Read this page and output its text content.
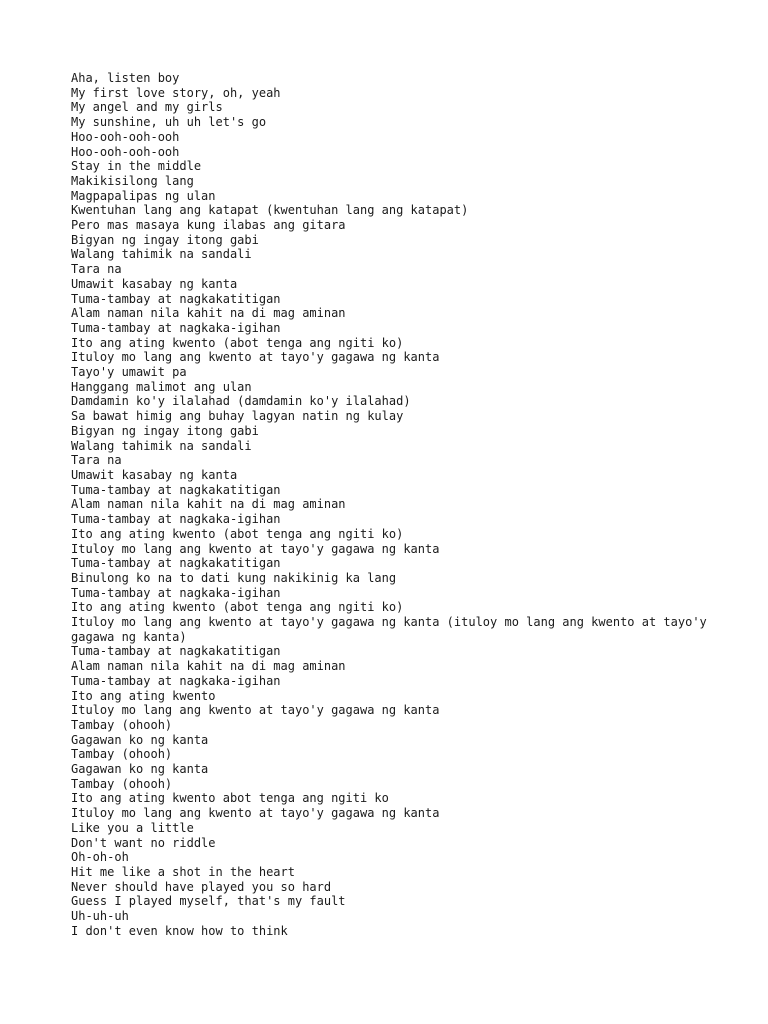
Aha, listen boy
My first love story, oh, yeah
My angel and my girls
My sunshine, uh uh let's go
Hoo-ooh-ooh-ooh
Hoo-ooh-ooh-ooh
Stay in the middle
Makikisilong lang
Magpapalipas ng ulan
Kwentuhan lang ang katapat (kwentuhan lang ang katapat)
Pero mas masaya kung ilabas ang gitara
Bigyan ng ingay itong gabi
Walang tahimik na sandali
Tara na
Umawit kasabay ng kanta
Tuma-tambay at nagkakatitigan
Alam naman nila kahit na di mag aminan
Tuma-tambay at nagkaka-igihan
Ito ang ating kwento (abot tenga ang ngiti ko)
Ituloy mo lang ang kwento at tayo'y gagawa ng kanta
Tayo'y umawit pa
Hanggang malimot ang ulan
Damdamin ko'y ilalahad (damdamin ko'y ilalahad)
Sa bawat himig ang buhay lagyan natin ng kulay
Bigyan ng ingay itong gabi
Walang tahimik na sandali
Tara na
Umawit kasabay ng kanta
Tuma-tambay at nagkakatitigan
Alam naman nila kahit na di mag aminan
Tuma-tambay at nagkaka-igihan
Ito ang ating kwento (abot tenga ang ngiti ko)
Ituloy mo lang ang kwento at tayo'y gagawa ng kanta
Tuma-tambay at nagkakatitigan
Binulong ko na to dati kung nakikinig ka lang
Tuma-tambay at nagkaka-igihan
Ito ang ating kwento (abot tenga ang ngiti ko)
Ituloy mo lang ang kwento at tayo'y gagawa ng kanta (ituloy mo lang ang kwento at tayo'y gagawa ng kanta)
Tuma-tambay at nagkakatitigan
Alam naman nila kahit na di mag aminan
Tuma-tambay at nagkaka-igihan
Ito ang ating kwento
Ituloy mo lang ang kwento at tayo'y gagawa ng kanta
Tambay (ohooh)
Gagawan ko ng kanta
Tambay (ohooh)
Gagawan ko ng kanta
Tambay (ohooh)
Ito ang ating kwento abot tenga ang ngiti ko
Ituloy mo lang ang kwento at tayo'y gagawa ng kanta
Like you a little
Don't want no riddle
Oh-oh-oh
Hit me like a shot in the heart
Never should have played you so hard
Guess I played myself, that's my fault
Uh-uh-uh
I don't even know how to think
